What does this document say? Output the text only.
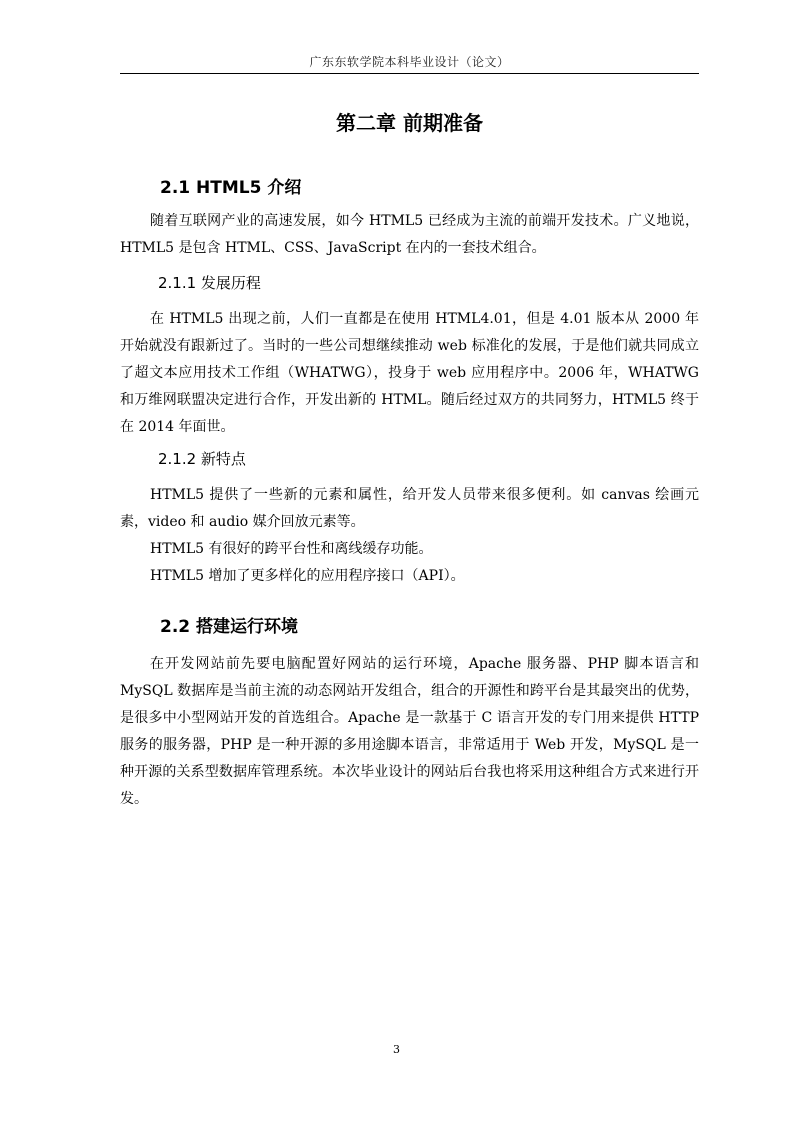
广东东软学院本科毕业设计（论文）
第二章 前期准备
2.1 HTML5 介绍

随着互联网产业的高速发展，如今 HTML5 已经成为主流的前端开发技术。广义地说，HTML5 是包含 HTML、CSS、JavaScript 在内的一套技术组合。

2.1.1 发展历程

在 HTML5 出现之前，人们一直都是在使用 HTML4.01，但是 4.01 版本从 2000 年开始就没有跟新过了。当时的一些公司想继续推动 web 标准化的发展，于是他们就共同成立了超文本应用技术工作组（WHATWG），投身于 web 应用程序中。2006 年，WHATWG 和万维网联盟决定进行合作，开发出新的 HTML。随后经过双方的共同努力，HTML5 终于在 2014 年面世。

2.1.2 新特点

HTML5 提供了一些新的元素和属性，给开发人员带来很多便利。如 canvas 绘画元素，video 和 audio 媒介回放元素等。

HTML5 有很好的跨平台性和离线缓存功能。

HTML5 增加了更多样化的应用程序接口（API）。

2.2 搭建运行环境

在开发网站前先要电脑配置好网站的运行环境，Apache 服务器、PHP 脚本语言和 MySQL 数据库是当前主流的动态网站开发组合，组合的开源性和跨平台是其最突出的优势，是很多中小型网站开发的首选组合。Apache 是一款基于 C 语言开发的专门用来提供 HTTP 服务的服务器，PHP 是一种开源的多用途脚本语言，非常适用于 Web 开发，MySQL 是一种开源的关系型数据库管理系统。本次毕业设计的网站后台我也将采用这种组合方式来进行开发。

3
